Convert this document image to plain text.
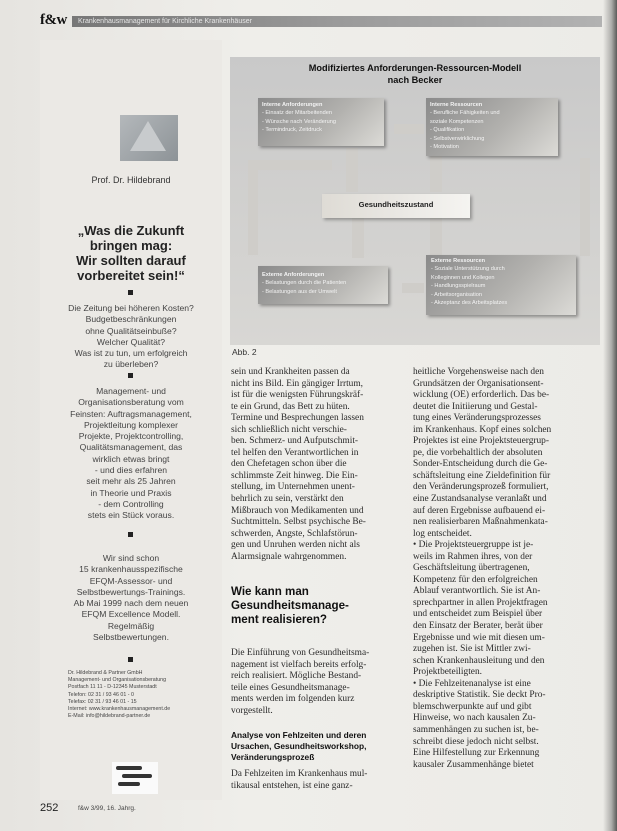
f&w Krankenhausmanagement für Kirchliche Krankenhäuser
Prof. Dr. Hildebrand
„Was die Zukunft
bringen mag:
Wir sollten darauf
vorbereitet sein!“
Die Zeitung bei höheren Kosten?
Budgetbeschränkungen
ohne Qualitätseinbuße?
Welcher Qualität?
Was ist zu tun, um erfolgreich
zu überleben?
Management- und
Organisationsberatung vom
Feinsten: Auftragsmanagement,
Projektleitung komplexer
Projekte, Projektcontrolling,
Qualitätsmanagement, das
wirklich etwas bringt
- und dies erfahren
seit mehr als 25 Jahren
in Theorie und Praxis
- dem Controlling
stets ein Stück voraus.
Wir sind schon
15 krankenhausspezifische
EFQM-Assessor- und
Selbstbewertungs-Trainings.
Ab Mai 1999 nach dem neuen
EFQM Excellence Modell.
Regelmäßig
Selbstbewertungen.
Dr. Hildebrand & Partner GmbH
Management- und Organisationsberatung
Postfach 11 11 - D-12345 Musterstadt
Telefon: 02 31 / 93 46 01 - 0
Telefax: 02 31 / 93 46 01 - 15
Internet: www.krankenhausmanagement.de
E-Mail: info@hildebrand-partner.de
Modifiziertes Anforderungen-Ressourcen-Modell
nach Becker
Interne Anforderungen
- Einsatz der Mitarbeitenden
- Wünsche nach Veränderung
- Termindruck, Zeitdruck
Interne Ressourcen
- Berufliche Fähigkeiten und
soziale Kompetenzen
- Qualifikation
- Selbstverwirklichung
- Motivation
Gesundheitszustand
Externe Anforderungen
- Belastungen durch die Patienten
- Belastungen aus der Umwelt
Externe Ressourcen
- Soziale Unterstützung durch
Kolleginnen und Kollegen
- Handlungsspielraum
- Arbeitsorganisation
- Akzeptanz des Arbeitsplatzes
Abb. 2
sein und Krankheiten passen da
nicht ins Bild. Ein gängiger Irrtum,
ist für die wenigsten Führungskräf-
te ein Grund, das Bett zu hüten.
Termine und Besprechungen lassen
sich schließlich nicht verschie-
ben. Schmerz- und Aufputschmit-
tel helfen den Verantwortlichen in
den Chefetagen schon über die
schlimmste Zeit hinweg. Die Ein-
stellung, im Unternehmen unent-
behrlich zu sein, verstärkt den
Mißbrauch von Medikamenten und
Suchtmitteln. Selbst psychische Be-
schwerden, Ängste, Schlafstörun-
gen und Unruhen werden nicht als
Alarmsignale wahrgenommen.
Wie kann man
Gesundheitsmanage-
ment realisieren?
Die Einführung von Gesundheitsma-
nagement ist vielfach bereits erfolg-
reich realisiert. Mögliche Bestand-
teile eines Gesundheitsmanage-
ments werden im folgenden kurz
vorgestellt.
Analyse von Fehlzeiten und deren
Ursachen, Gesundheitsworkshop,
Veränderungsprozeß
Da Fehlzeiten im Krankenhaus mul-
tikausal entstehen, ist eine ganz-
heitliche Vorgehensweise nach den
Grundsätzen der Organisationsent-
wicklung (OE) erforderlich. Das be-
deutet die Initiierung und Gestal-
tung eines Veränderungsprozesses
im Krankenhaus. Kopf eines solchen
Projektes ist eine Projektsteuergrup-
pe, die vorbehaltlich der absoluten
Sonder-Entscheidung durch die Ge-
schäftsleitung eine Zieldefinition für
den Veränderungsprozeß formuliert,
eine Zustandsanalyse veranlaßt und
auf deren Ergebnisse aufbauend ei-
nen realisierbaren Maßnahmenkata-
log entscheidet.
• Die Projektsteuergruppe ist je-
weils im Rahmen ihres, von der
Geschäftsleitung übertragenen,
Kompetenz für den erfolgreichen
Ablauf verantwortlich. Sie ist An-
sprechpartner in allen Projektfragen
und entscheidet zum Beispiel über
den Einsatz der Berater, berät über
Ergebnisse und wie mit diesen um-
zugehen ist. Sie ist Mittler zwi-
schen Krankenhausleitung und den
Projektbeteiligten.
• Die Fehlzeitenanalyse ist eine
deskriptive Statistik. Sie deckt Pro-
blemschwerpunkte auf und gibt
Hinweise, wo nach kausalen Zu-
sammenhängen zu suchen ist, be-
schreibt diese jedoch nicht selbst.
Eine Hilfestellung zur Erkennung
kausaler Zusammenhänge bietet
252	f&w 3/99, 16. Jahrg.
